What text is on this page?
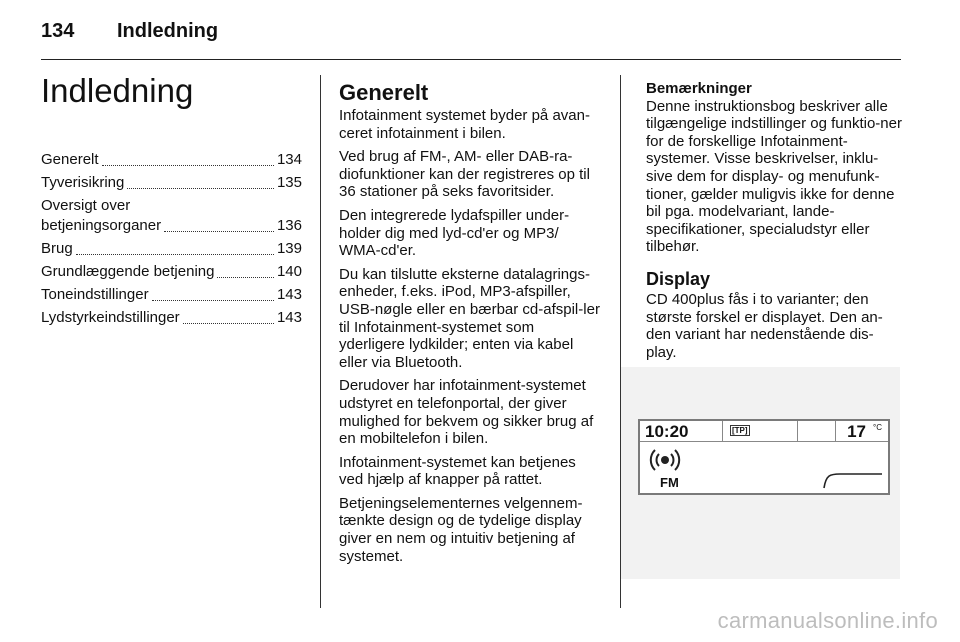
134 Indledning
Indledning
Generelt	134
Tyverisikring	135
Oversigt over
betjeningsorganer	136
Brug	139
Grundlæggende betjening	140
Toneindstillinger	143
Lydstyrkeindstillinger	143
Generelt

Infotainment systemet byder på avan-ceret infotainment i bilen.

Ved brug af FM-, AM- eller DAB-ra-diofunktioner kan der registreres op til 36 stationer på seks favoritsider.

Den integrerede lydafspiller under-holder dig med lyd-cd'er og MP3/ WMA-cd'er.

Du kan tilslutte eksterne datalagrings-enheder, f.eks. iPod, MP3-afspiller, USB-nøgle eller en bærbar cd-afspil-ler til Infotainment-systemet som yderligere lydkilder; enten via kabel eller via Bluetooth.

Derudover har infotainment-systemet udstyret en telefonportal, der giver mulighed for bekvem og sikker brug af en mobiltelefon i bilen.

Infotainment-systemet kan betjenes ved hjælp af knapper på rattet.

Betjeningselementernes velgennem-tænkte design og de tydelige display giver en nem og intuitiv betjening af systemet.

Bemærkninger

Denne instruktionsbog beskriver alle tilgængelige indstillinger og funktio-ner for de forskellige Infotainment-systemer. Visse beskrivelser, inklu-sive dem for display- og menufunk-tioner, gælder muligvis ikke for denne bil pga. modelvariant, lande-specifikationer, specialudstyr eller tilbehør.

Display

CD 400plus fås i to varianter; den største forskel er displayet. Den an-den variant har nedenstående dis-play.

10:20	[TP]	17 °C
FM
carmanualsonline.info
